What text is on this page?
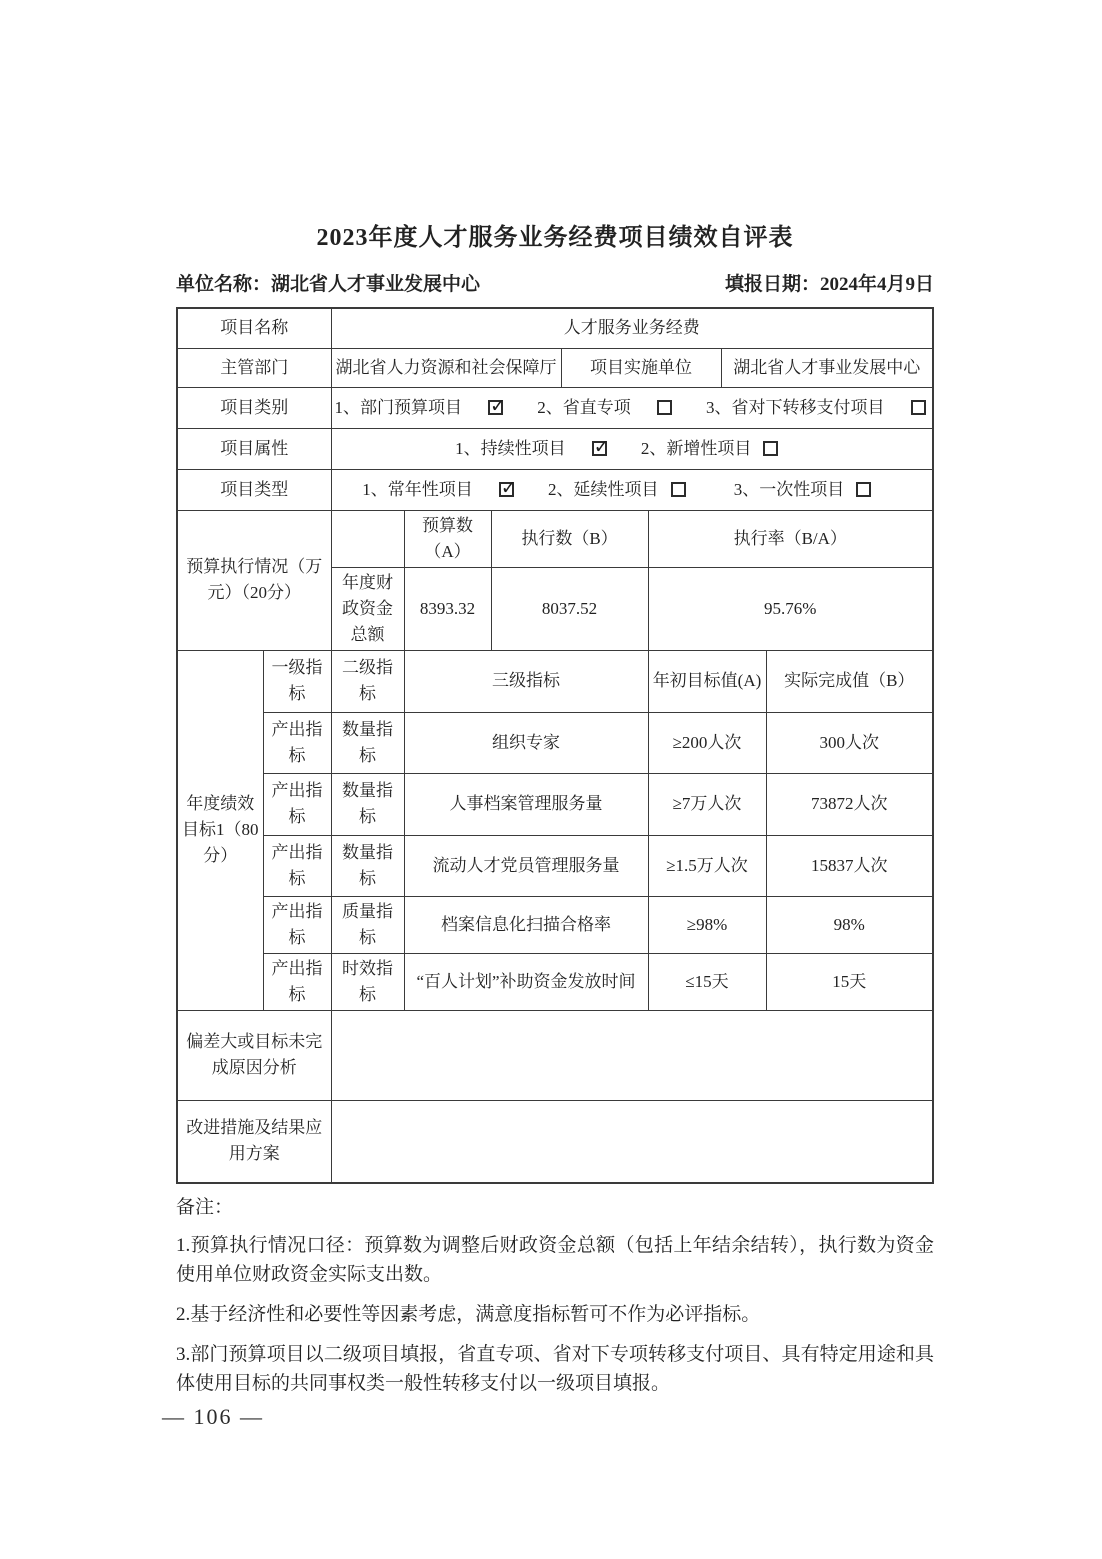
2023年度人才服务业务经费项目绩效自评表
单位名称：湖北省人才事业发展中心	填报日期：2024年4月9日
项目名称		人才服务业务经费						
主管部门		湖北省人力资源和社会保障厅			项目实施单位		湖北省人才事业发展中心	
项目类别		1、部门预算项目 ✓ 2、省直专项 3、省对下转移支付项目
项目属性		1、持续性项目 ✓ 2、新增性项目
项目类型		1、常年性项目 ✓ 2、延续性项目 3、一次性项目
预算执行情况（万元）（20分）			预算数（A）	执行数（B）		执行率（B/A）		
		年度财政资金总额	8393.32	8037.52		95.76%		
年度绩效目标1（80分）	一级指标	二级指标	三级指标			年初目标值(A)		实际完成值（B）
	产出指标	数量指标	组织专家			≥200人次		300人次
	产出指标	数量指标	人事档案管理服务量			≥7万人次		73872人次
	产出指标	数量指标	流动人才党员管理服务量			≥1.5万人次		15837人次
	产出指标	质量指标	档案信息化扫描合格率			≥98%		98%
	产出指标	时效指标	“百人计划”补助资金发放时间			≤15天		15天
偏差大或目标未完成原因分析								
改进措施及结果应用方案								
备注：

1.预算执行情况口径：预算数为调整后财政资金总额（包括上年结余结转），执行数为资金使用单位财政资金实际支出数。

2.基于经济性和必要性等因素考虑，满意度指标暂可不作为必评指标。

3.部门预算项目以二级项目填报，省直专项、省对下专项转移支付项目、具有特定用途和具体使用目标的共同事权类一般性转移支付以一级项目填报。

— 106 —
